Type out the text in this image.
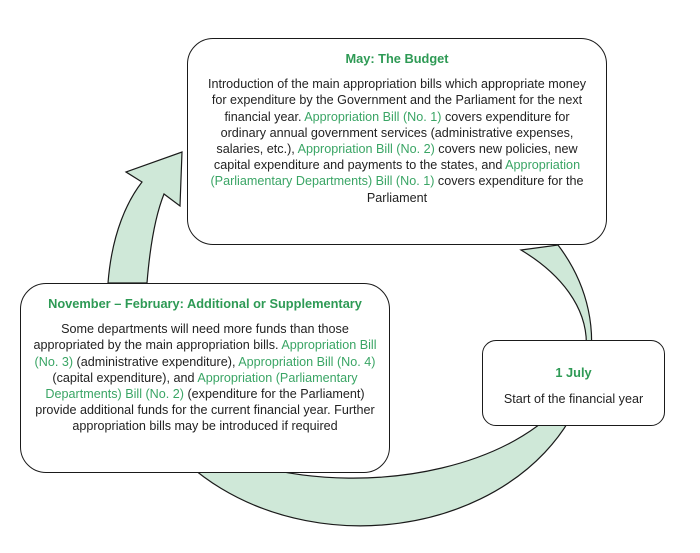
May: The Budget

Introduction of the main appropriation bills which appropriate money for expenditure by the Government and the Parliament for the next financial year. Appropriation Bill (No. 1) covers expenditure for ordinary annual government services (administrative expenses, salaries, etc.), Appropriation Bill (No. 2) covers new policies, new capital expenditure and payments to the states, and Appropriation (Parliamentary Departments) Bill (No. 1) covers expenditure for the Parliament

1 July

Start of the financial year

November – February: Additional or Supplementary

Some departments will need more funds than those appropriated by the main appropriation bills. Appropriation Bill (No. 3) (administrative expenditure), Appropriation Bill (No. 4) (capital expenditure), and Appropriation (Parliamentary Departments) Bill (No. 2) (expenditure for the Parliament) provide additional funds for the current financial year. Further appropriation bills may be introduced if required
